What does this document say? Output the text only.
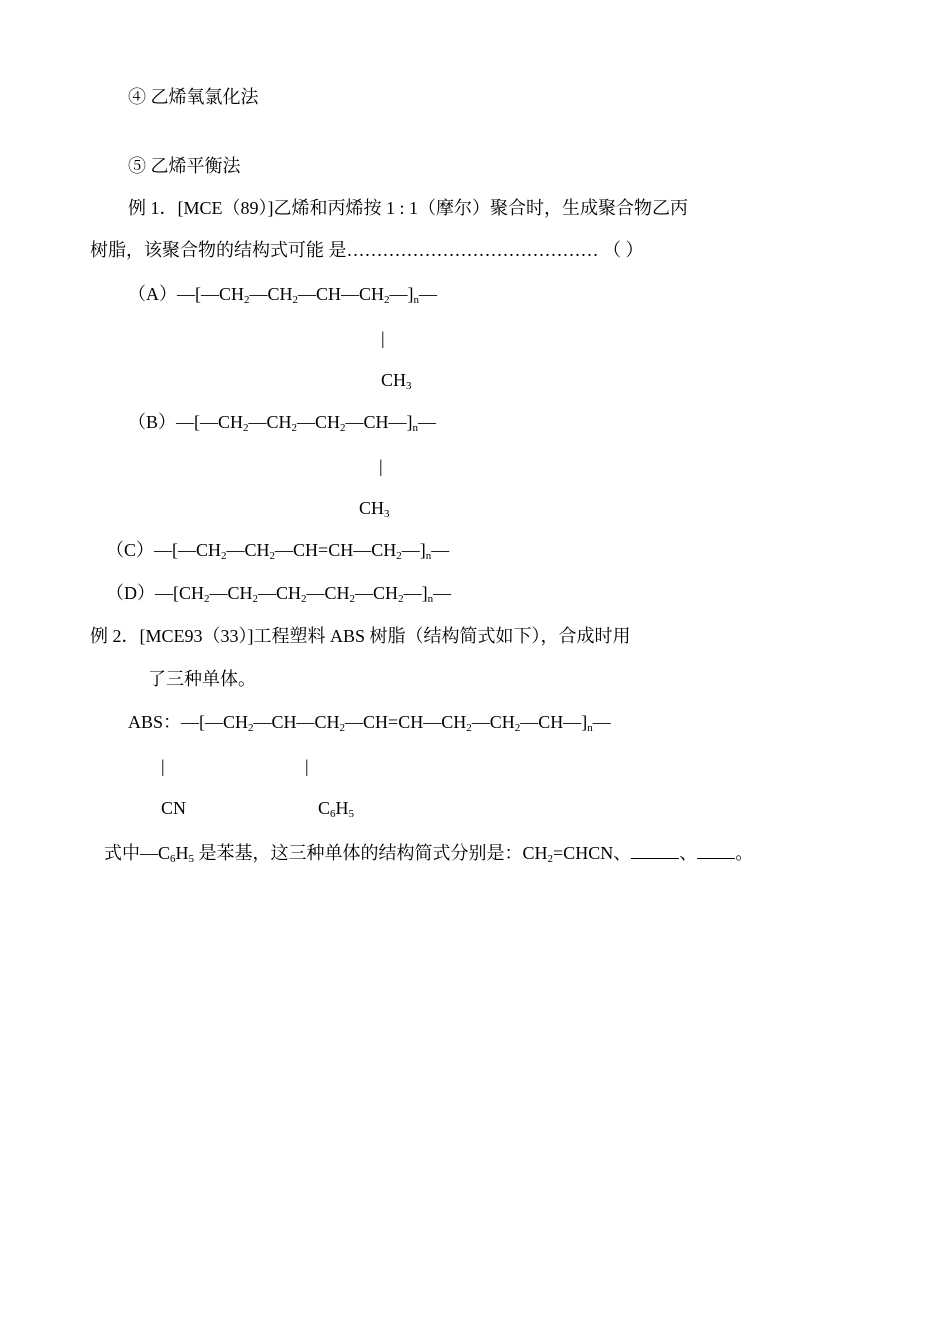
④ 乙烯氧氯化法
⑤ 乙烯平衡法
例 1．[MCE（89）]乙烯和丙烯按 1 : 1（摩尔）聚合时，生成聚合物乙丙
树脂，该聚合物的结构式可能 是…………………………………… （ ）
$(A)—[—CH_2—CH_2—CH—CH_2—]_n—$
|
$CH_3$
$(B)—[—CH_2—CH_2—CH_2—CH—]_n—$
|
$CH_3$
$(C)—[—CH_2—CH_2—CH=CH—CH_2—]_n—$
$(D)—[CH_2—CH_2—CH_2—CH_2—CH_2—]_n—$
例 2．[MCE93（33）]工程塑料 ABS 树脂（结构简式如下），合成时用
了三种单体。
ABS：$—[—CH_2—CH—CH_2—CH=CH—CH_2—CH_2—CH—]_n—$
|	|
CN	$C_6H_5$
式中$—C_6H_5$ 是苯基，这三种单体的结构简式分别是：$CH_2=CHCN$、	、 。
